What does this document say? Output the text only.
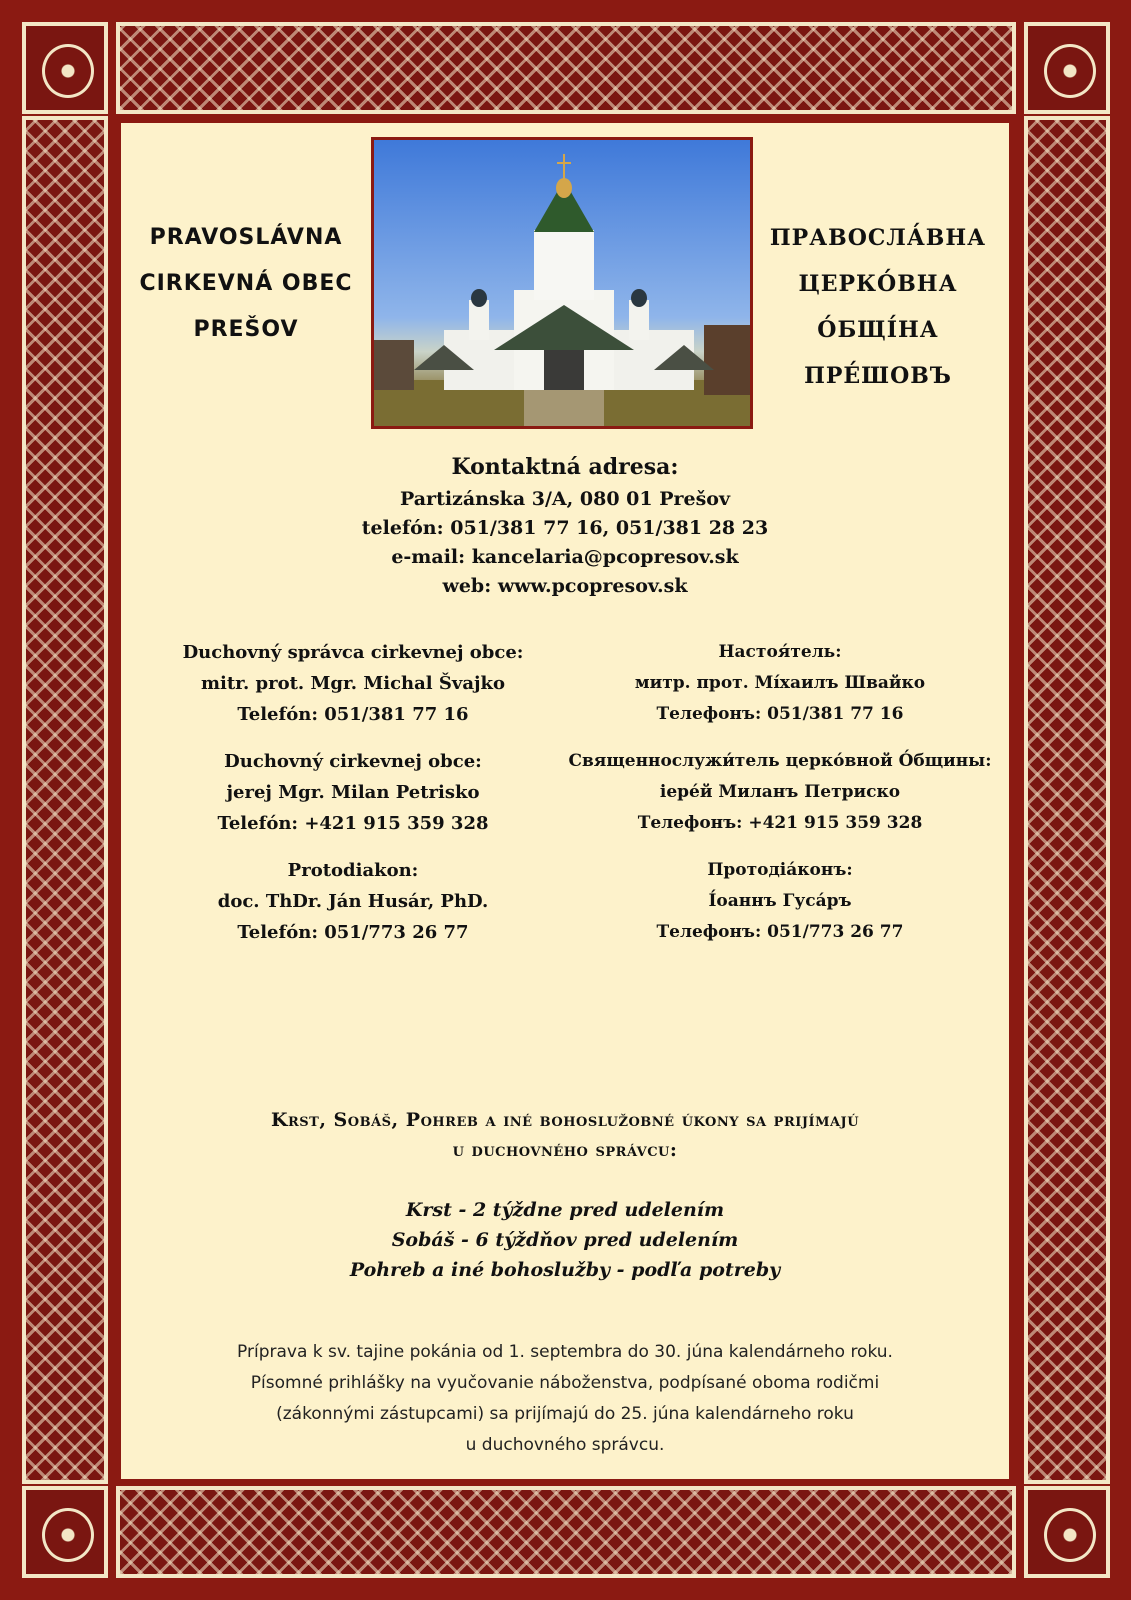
PRAVOSLÁVNA
CIRKEVNÁ OBEC
PREŠOV
ПРАВОСЛА́ВНА
ЦЕРКО́ВНА О́БЩІ́НА
ПРЕ́ШОВЪ
Kontaktná adresa:
Partizánska 3/A, 080 01 Prešov
telefón: 051/381 77 16, 051/381 28 23
e-mail: kancelaria@pcopresov.sk
web: www.pcopresov.sk
Duchovný správca cirkevnej obce:
mitr. prot. Mgr. Michal Švajko
Telefón: 051/381 77 16
Duchovný cirkevnej obce:
jerej Mgr. Milan Petrisko
Telefón: +421 915 359 328
Protodiakon:
doc. ThDr. Ján Husár, PhD.
Telefón: 051/773 26 77
Настоя́тель:
митр. прот. Мі́хаилъ Швайко
Телефонъ: 051/381 77 16
Священнослужи́тель церко́вной О́бщины:
іере́й Миланъ Петриско
Телефонъ: +421 915 359 328
Протодіа́конъ:
І́оаннъ Гуса́ръ
Телефонъ: 051/773 26 77
Krst, Sobáš, Pohreb a iné bohoslužobné úkony sa prijímajú
u duchovného správcu:
Krst - 2 týždne pred udelením
Sobáš - 6 týždňov pred udelením
Pohreb a iné bohoslužby - podľa potreby
Príprava k sv. tajine pokánia od 1. septembra do 30. júna kalendárneho roku.
Písomné prihlášky na vyučovanie náboženstva, podpísané oboma rodičmi
(zákonnými zástupcami) sa prijímajú do 25. júna kalendárneho roku
u duchovného správcu.
